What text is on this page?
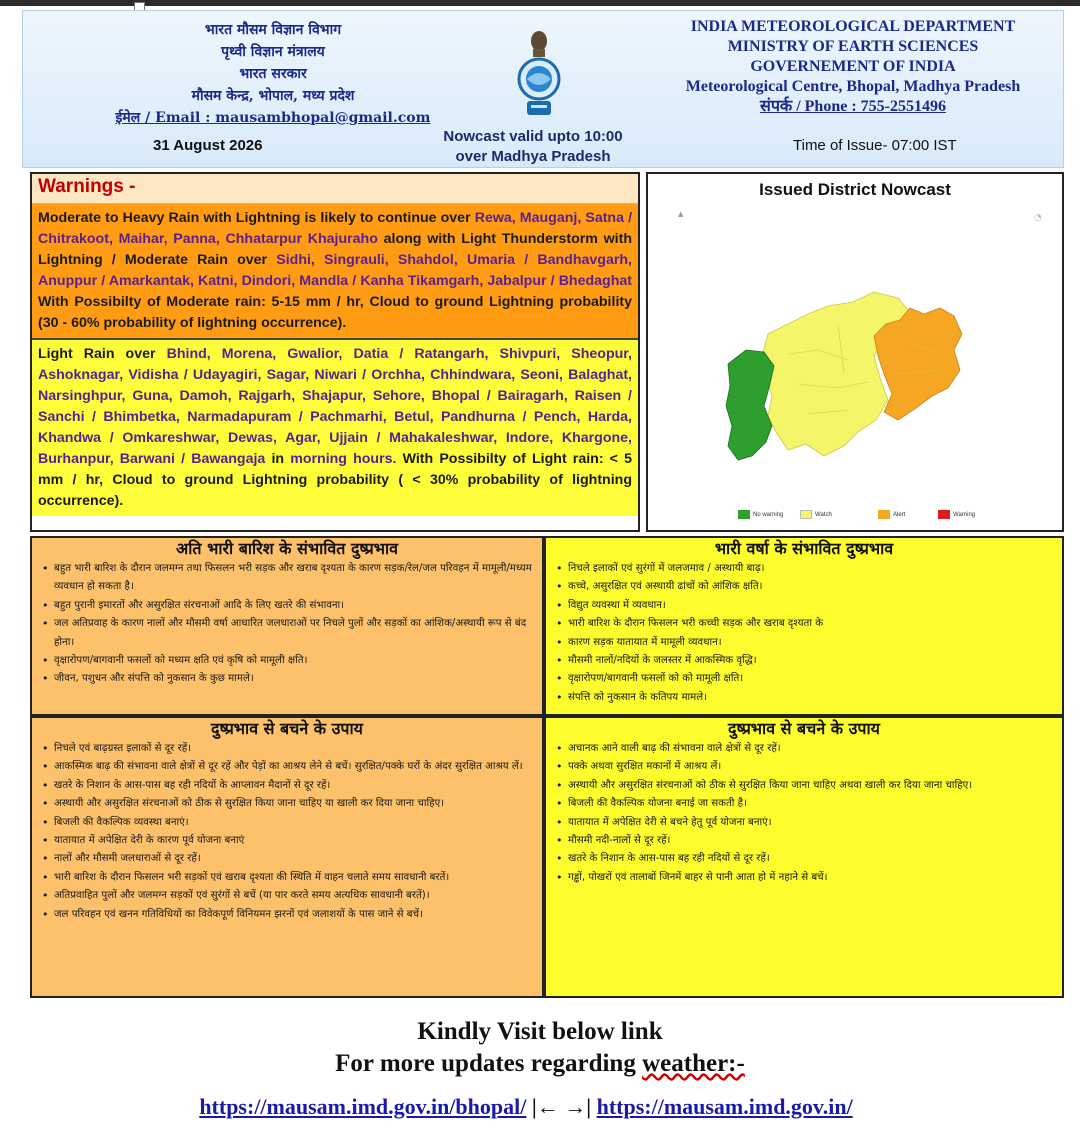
भारत मौसम विज्ञान विभाग
पृथ्वी विज्ञान मंत्रालय
भारत सरकार
मौसम केन्द्र, भोपाल, मध्य प्रदेश
ईमेल / Email : mausambhopal@gmail.com
INDIA METEOROLOGICAL DEPARTMENT
MINISTRY OF EARTH SCIENCES
GOVERNEMENT OF INDIA
Meteorological Centre, Bhopal, Madhya Pradesh
संपर्क / Phone : 755-2551496
31 August 2026
Nowcast valid upto 10:00
over Madhya Pradesh
Time of Issue- 07:00 IST
Warnings -
Moderate to Heavy Rain with Lightning is likely to continue over Rewa, Mauganj, Satna / Chitrakoot, Maihar, Panna, Chhatarpur Khajuraho along with Light Thunderstorm with Lightning / Moderate Rain over Sidhi, Singrauli, Shahdol, Umaria / Bandhavgarh, Anuppur / Amarkantak, Katni, Dindori, Mandla / Kanha Tikamgarh, Jabalpur / Bhedaghat With Possibilty of Moderate rain: 5-15 mm / hr, Cloud to ground Lightning probability (30 - 60% probability of lightning occurrence).
Light Rain over Bhind, Morena, Gwalior, Datia / Ratangarh, Shivpuri, Sheopur, Ashoknagar, Vidisha / Udayagiri, Sagar, Niwari / Orchha, Chhindwara, Seoni, Balaghat, Narsinghpur, Guna, Damoh, Rajgarh, Shajapur, Sehore, Bhopal / Bairagarh, Raisen / Sanchi / Bhimbetka, Narmadapuram / Pachmarhi, Betul, Pandhurna / Pench, Harda, Khandwa / Omkareshwar, Dewas, Agar, Ujjain / Mahakaleshwar, Indore, Khargone, Burhanpur, Barwani / Bawangaja in morning hours. With Possibilty of Light rain: < 5 mm / hr, Cloud to ground Lightning probability ( < 30% probability of lightning occurrence).
Issued District Nowcast
▲	◔
No warning	Watch	Alert	Warning
अति भारी बारिश के संभावित दुष्प्रभाव
• बहुत भारी बारिश के दौरान जलमग्न तथा फिसलन भरी सड़क और खराब दृश्यता के कारण सड़क/रेल/जल परिवहन में मामूली/मध्यम व्यवधान हो सकता है।
• बहुत पुरानी इमारतों और असुरक्षित संरचनाओं आदि के लिए खतरे की संभावना।
• जल अतिप्रवाह के कारण नालों और मौसमी वर्षा आधारित जलधाराओं पर निचले पुलों और सड़कों का आंशिक/अस्थायी रूप से बंद होना।
• वृक्षारोपण/बागवानी फसलों को मध्यम क्षति एवं कृषि को मामूली क्षति।
• जीवन, पशुधन और संपत्ति को नुकसान के कुछ मामले।
भारी वर्षा के संभावित दुष्प्रभाव
• निचले इलाकों एवं सुरंगों में जलजमाव / अस्थायी बाढ़।
• कच्चे, असुरक्षित एवं अस्थायी ढांचों को आंशिक क्षति।
• विद्युत व्यवस्था में व्यवधान।
• भारी बारिश के दौरान फिसलन भरी कच्ची सड़क और खराब दृश्यता के
• कारण सड़क यातायात में मामूली व्यवधान।
• मौसमी नालों/नदियों के जलस्तर में आकस्मिक वृद्धि।
• वृक्षारोपण/बागवानी फसलों को को मामूली क्षति।
• संपत्ति को नुकसान के कतिपय मामले।
दुष्प्रभाव से बचने के उपाय
• निचले एवं बाढ़ग्रस्त इलाकों से दूर रहें।
• आकस्मिक बाढ़ की संभावना वाले क्षेत्रों से दूर रहें और पेड़ों का आश्रय लेने से बचें। सुरक्षित/पक्के घरों के अंदर सुरक्षित आश्रय लें।
• खतरे के निशान के आस-पास बह रही नदियों के आप्लावन मैदानों से दूर रहें।
• अस्थायी और असुरक्षित संरचनाओं को ठीक से सुरक्षित किया जाना चाहिए या खाली कर दिया जाना चाहिए।
• बिजली की वैकल्पिक व्यवस्था बनाएं।
• यातायात में अपेक्षित देरी के कारण पूर्व योजना बनाएं
• नालों और मौसमी जलधाराओं से दूर रहें।
• भारी बारिश के दौरान फिसलन भरी सड़कों एवं खराब दृश्यता की स्थिति में वाहन चलाते समय सावधानी बरतें।
• अतिप्रवाहित पुलों और जलमग्न सड़कों एवं सुरंगों से बचें (या पार करते समय अत्यधिक सावधानी बरतें)।
• जल परिवहन एवं खनन गतिविधियों का विवेकपूर्ण विनियमन झरनों एवं जलाशयों के पास जाने से बचें।
दुष्प्रभाव से बचने के उपाय
• अचानक आने वाली बाढ़ की संभावना वाले क्षेत्रों से दूर रहें।
• पक्के अथवा सुरक्षित मकानों में आश्रय लें।
• अस्थायी और असुरक्षित संरचनाओं को ठीक से सुरक्षित किया जाना चाहिए अथवा खाली कर दिया जाना चाहिए।
• बिजली की वैकल्पिक योजना बनाई जा सकती है।
• यातायात में अपेक्षित देरी से बचने हेतु पूर्व योजना बनाएं।
• मौसमी नदी-नालों से दूर रहें।
• खतरे के निशान के आस-पास बह रही नदियों से दूर रहें।
• गड्ढों, पोखरों एवं तालाबों जिनमें बाहर से पानी आता हो में नहाने से बचें।
Kindly Visit below link
For more updates regarding weather:-
https://mausam.imd.gov.in/bhopal/ |← →| https://mausam.imd.gov.in/
